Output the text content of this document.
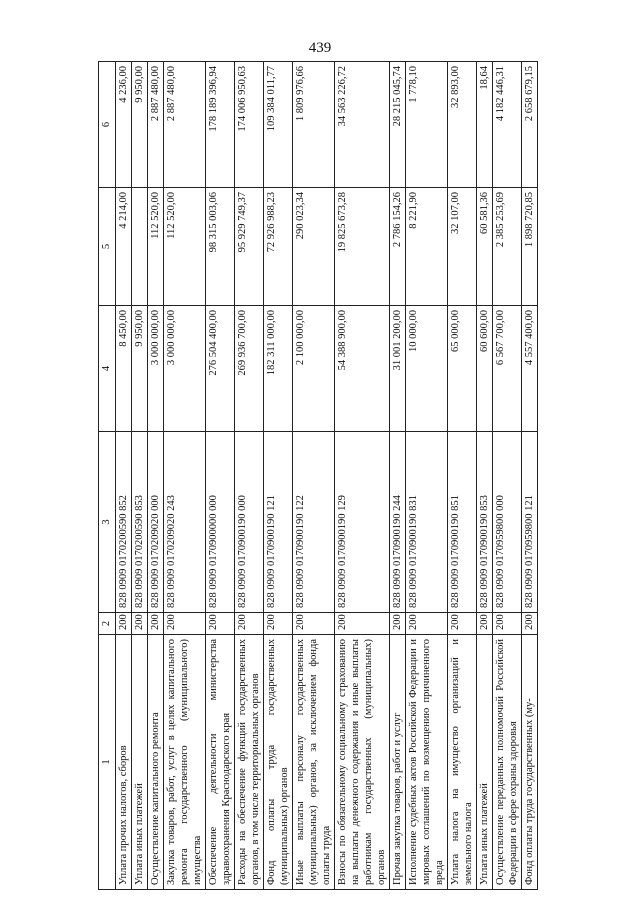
439
1	2	3	4	5	6
Уплата прочих налогов, сборов	200	828 0909 0170200590 852	8 450,00	4 214,00	4 236,00
Уплата иных платежей	200	828 0909 0170200590 853	9 950,00		9 950,00
Осуществление капитального ремонта	200	828 0909 0170209020 000	3 000 000,00	112 520,00	2 887 480,00
Закупка товаров, работ, услуг в целях капитального ремонта государственного (муниципального) имущества	200	828 0909 0170209020 243	3 000 000,00	112 520,00	2 887 480,00
Обеспечение деятельности министерства здравоохранения Краснодарского края	200	828 0909 0170900000 000	276 504 400,00	98 315 003,06	178 189 396,94
Расходы на обеспечение функций государственных органов, в том числе территориальных органов	200	828 0909 0170900190 000	269 936 700,00	95 929 749,37	174 006 950,63
Фонд оплаты труда государственных (муниципальных) органов	200	828 0909 0170900190 121	182 311 000,00	72 926 988,23	109 384 011,77
Иные выплаты персоналу государственных (муниципальных) органов, за исключением фонда оплаты труда	200	828 0909 0170900190 122	2 100 000,00	290 023,34	1 809 976,66
Взносы по обязательному социальному страхованию на выплаты денежного содержания и иные выплаты работникам государственных (муниципальных) органов	200	828 0909 0170900190 129	54 388 900,00	19 825 673,28	34 563 226,72
Прочая закупка товаров, работ и услуг	200	828 0909 0170900190 244	31 001 200,00	2 786 154,26	28 215 045,74
Исполнение судебных актов Российской Федерации и мировых соглашений по возмещению причиненного вреда	200	828 0909 0170900190 831	10 000,00	8 221,90	1 778,10
Уплата налога на имущество организаций и земельного налога	200	828 0909 0170900190 851	65 000,00	32 107,00	32 893,00
Уплата иных платежей	200	828 0909 0170900190 853	60 600,00	60 581,36	18,64
Осуществление переданных полномочий Российской Федерации в сфере охраны здоровья	200	828 0909 0170959800 000	6 567 700,00	2 385 253,69	4 182 446,31
Фонд оплаты труда государственных (му-	200	828 0909 0170959800 121	4 557 400,00	1 898 720,85	2 658 679,15
